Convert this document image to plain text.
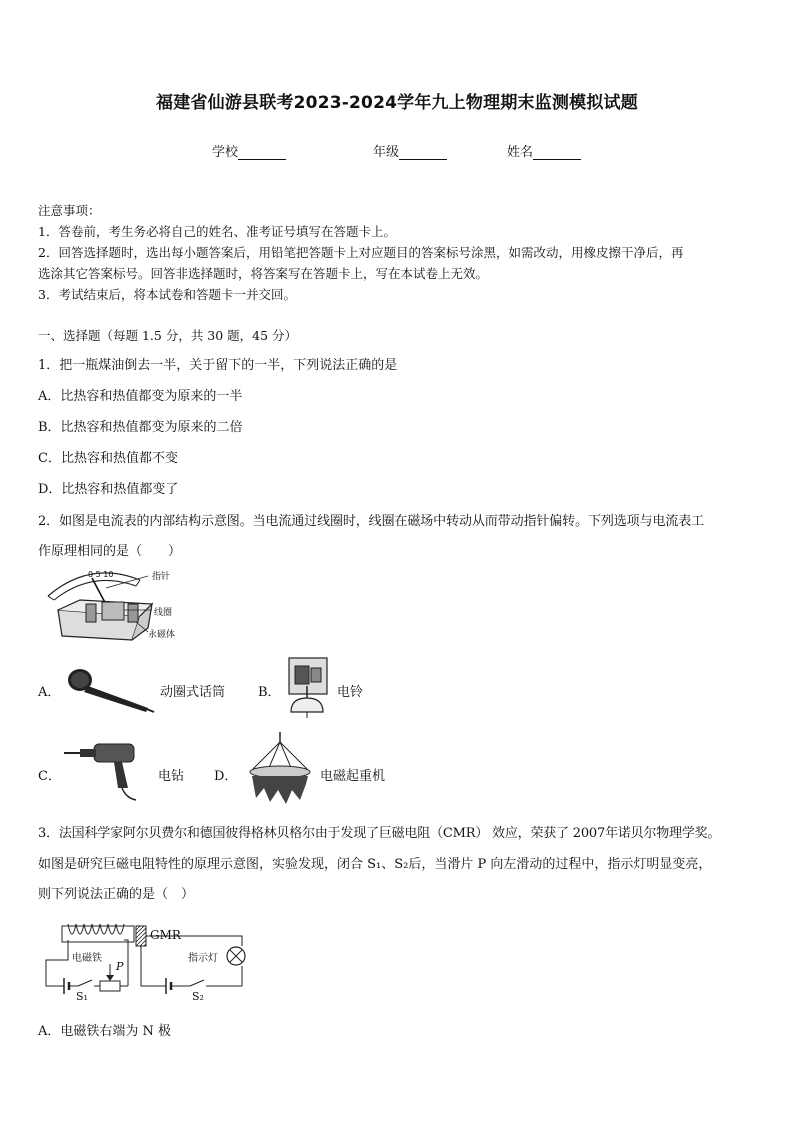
福建省仙游县联考2023-2024学年九上物理期末监测模拟试题
学校	年级	姓名
注意事项：
1．答卷前，考生务必将自己的姓名、准考证号填写在答题卡上。
2．回答选择题时，选出每小题答案后，用铅笔把答题卡上对应题目的答案标号涂黑，如需改动，用橡皮擦干净后，再
选涂其它答案标号。回答非选择题时，将答案写在答题卡上，写在本试卷上无效。
3．考试结束后，将本试卷和答题卡一并交回。
一、选择题（每题 1.5 分，共 30 题，45 分）
1．把一瓶煤油倒去一半，关于留下的一半，下列说法正确的是
A．比热容和热值都变为原来的一半
B．比热容和热值都变为原来的二倍
C．比热容和热值都不变
D．比热容和热值都变了
2．如图是电流表的内部结构示意图。当电流通过线圈时，线圈在磁场中转动从而带动指针偏转。下列选项与电流表工
作原理相同的是（　　）
0 5 10	指针
线圈
永磁体
A．	动圈式话筒	B．	电铃
C．	电钻 D．	电磁起重机
3．法国科学家阿尔贝费尔和德国彼得格林贝格尔由于发现了巨磁电阻（CMR） 效应，荣获了 2007年诺贝尔物理学奖。
如图是研究巨磁电阻特性的原理示意图，实验发现，闭合 S₁、S₂后，当滑片 P 向左滑动的过程中，指示灯明显变亮，
则下列说法正确的是（　）
GMR
电磁铁	指示灯
P
S₁	S₂
A．电磁铁右端为 N 极
